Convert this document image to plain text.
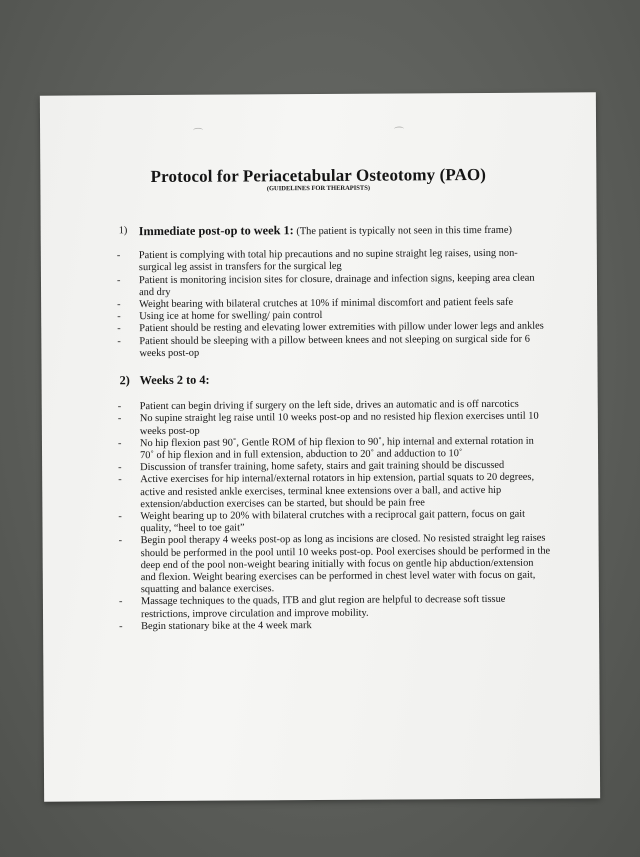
Protocol for Periacetabular Osteotomy (PAO)
(GUIDELINES FOR THERAPISTS)

1) Immediate post-op to week 1: (The patient is typically not seen in this time frame)

- Patient is complying with total hip precautions and no supine straight leg raises, using non-surgical leg assist in transfers for the surgical leg
- Patient is monitoring incision sites for closure, drainage and infection signs, keeping area clean and dry
- Weight bearing with bilateral crutches at 10% if minimal discomfort and patient feels safe
- Using ice at home for swelling/ pain control
- Patient should be resting and elevating lower extremities with pillow under lower legs and ankles
- Patient should be sleeping with a pillow between knees and not sleeping on surgical side for 6 weeks post-op

2) Weeks 2 to 4:

- Patient can begin driving if surgery on the left side, drives an automatic and is off narcotics
- No supine straight leg raise until 10 weeks post-op and no resisted hip flexion exercises until 10 weeks post-op
- No hip flexion past 90˚, Gentle ROM of hip flexion to 90˚, hip internal and external rotation in 70˚ of hip flexion and in full extension, abduction to 20˚ and adduction to 10˚
- Discussion of transfer training, home safety, stairs and gait training should be discussed
- Active exercises for hip internal/external rotators in hip extension, partial squats to 20 degrees, active and resisted ankle exercises, terminal knee extensions over a ball, and active hip extension/abduction exercises can be started, but should be pain free
- Weight bearing up to 20% with bilateral crutches with a reciprocal gait pattern, focus on gait quality, “heel to toe gait”
- Begin pool therapy 4 weeks post-op as long as incisions are closed. No resisted straight leg raises should be performed in the pool until 10 weeks post-op. Pool exercises should be performed in the deep end of the pool non-weight bearing initially with focus on gentle hip abduction/extension and flexion. Weight bearing exercises can be performed in chest level water with focus on gait, squatting and balance exercises.
- Massage techniques to the quads, ITB and glut region are helpful to decrease soft tissue restrictions, improve circulation and improve mobility.
- Begin stationary bike at the 4 week mark
